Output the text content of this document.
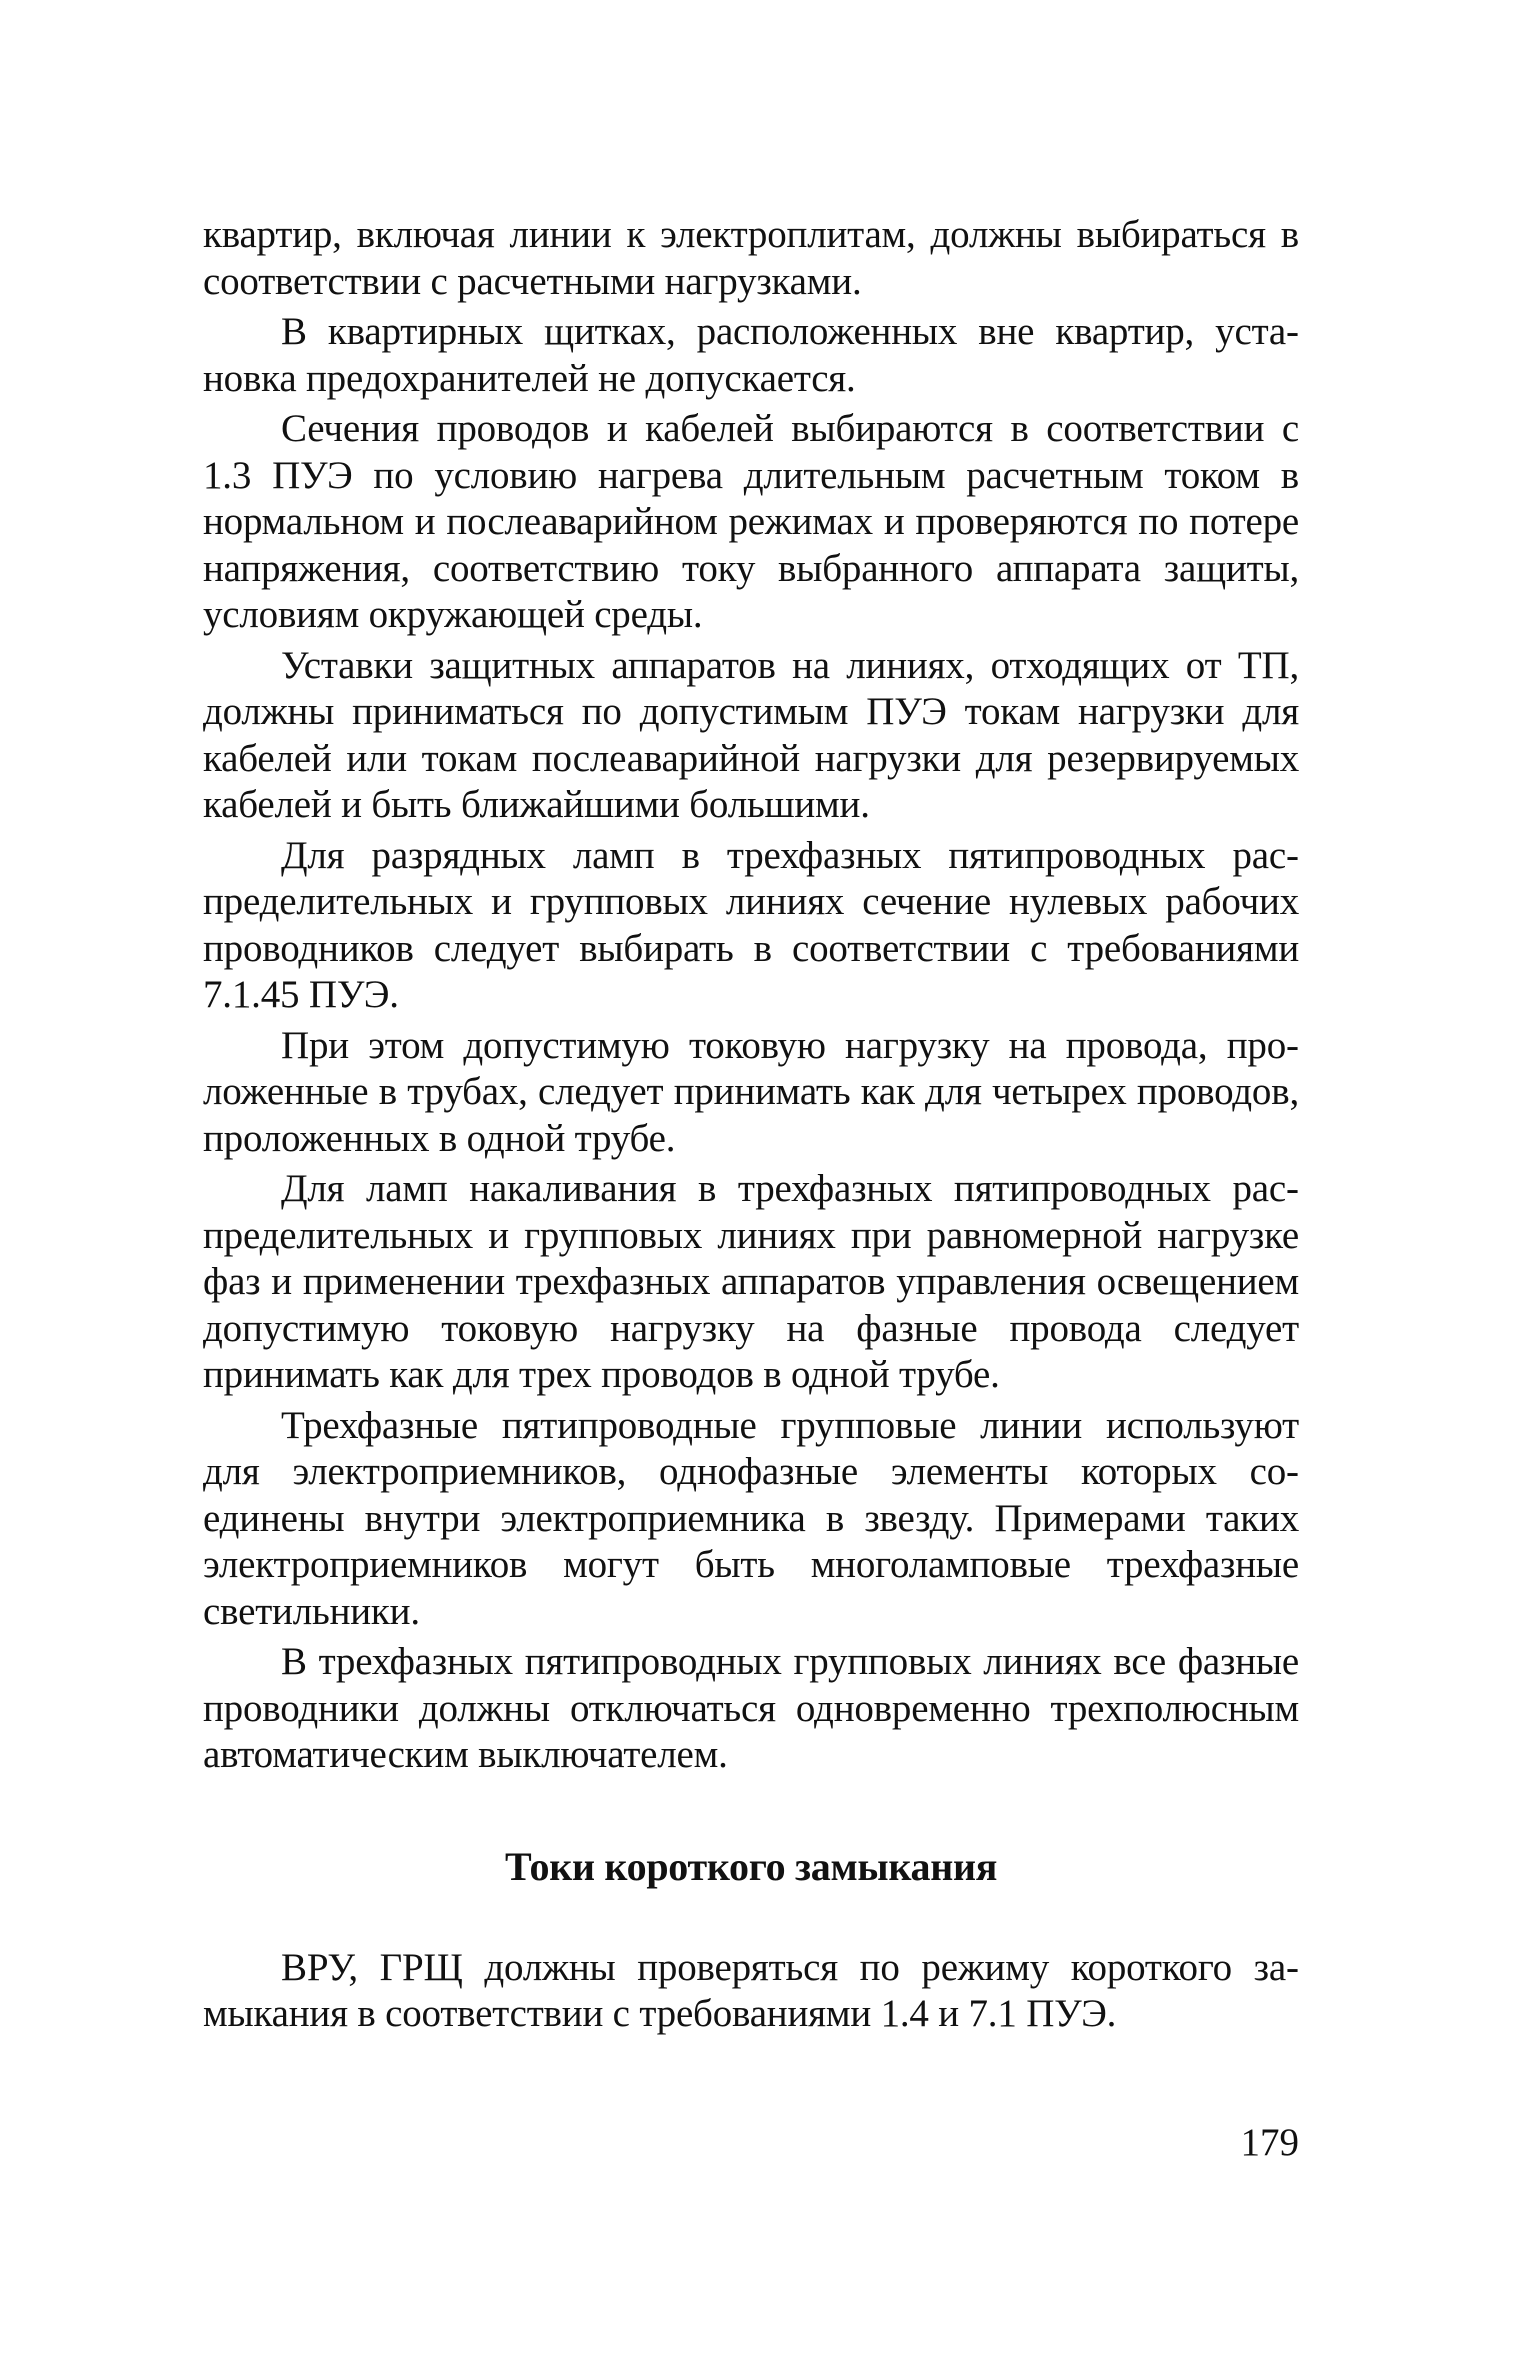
квартир, включая линии к электроплитам, должны выбираться в соответствии с расчетными нагрузками.

В квартирных щитках, расположенных вне квартир, установка предохранителей не допускается.

Сечения проводов и кабелей выбираются в соответствии с 1.3 ПУЭ по условию нагрева длительным расчетным током в нормальном и послеаварийном режимах и проверяются по потере напряжения, соответствию току выбранного аппарата защиты, условиям окружающей среды.

Уставки защитных аппаратов на линиях, отходящих от ТП, должны приниматься по допустимым ПУЭ токам нагрузки для кабелей или токам послеаварийной нагрузки для резервируемых кабелей и быть ближайшими большими.

Для разрядных ламп в трехфазных пятипроводных распределительных и групповых линиях сечение нулевых рабочих проводников следует выбирать в соответствии с требованиями 7.1.45 ПУЭ.

При этом допустимую токовую нагрузку на провода, проложенные в трубах, следует принимать как для четырех проводов, проложенных в одной трубе.

Для ламп накаливания в трехфазных пятипроводных распределительных и групповых линиях при равномерной нагрузке фаз и применении трехфазных аппаратов управления освещением допустимую токовую нагрузку на фазные провода следует принимать как для трех проводов в одной трубе.

Трехфазные пятипроводные групповые линии используют для электроприемников, однофазные элементы которых соединены внутри электроприемника в звезду. Примерами таких электроприемников могут быть многоламповые трехфазные светильники.

В трехфазных пятипроводных групповых линиях все фазные проводники должны отключаться одновременно трехполюсным автоматическим выключателем.

Токи короткого замыкания

ВРУ, ГРЩ должны проверяться по режиму короткого замыкания в соответствии с требованиями 1.4 и 7.1 ПУЭ.

179
